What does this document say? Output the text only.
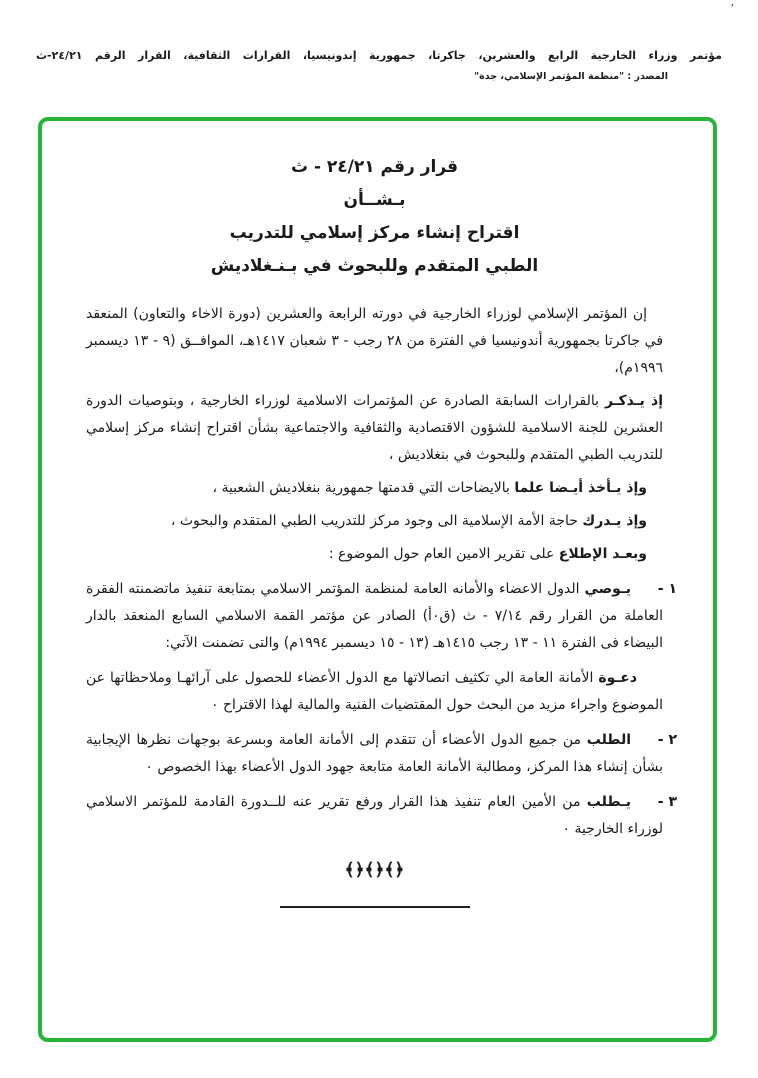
٬
مؤتمر وزراء الخارجية الرابع والعشرين، جاكرتا، جمهورية إندونيسيا، القرارات الثقافية، القرار الرقم ٢٤/٢١-ث
المصدر : "منظمة المؤتمر الإسلامي، جدة"
قرار رقم ٢٤/٢١ - ث
بـشــأن
اقتراح إنشاء مركز إسلامي للتدريب
الطبي المتقدم وللبحوث في بـنـغلاديش

إن المؤتمر الإسلامي لوزراء الخارجية في دورته الرابعة والعشرين (دورة الاخاء والتعاون) المنعقد في جاكرتا بجمهورية أندونيسيا في الفترة من ٢٨ رجب - ٣ شعبان ١٤١٧هـ، الموافــق (٩ - ١٣ ديسمبر ١٩٩٦م)،

إذ يـذكـر بالقرارات السابقة الصادرة عن المؤتمرات الاسلامية لوزراء الخارجية ، وبتوصيات الدورة العشرين للجنة الاسلامية للشؤون الاقتصادية والثقافية والاجتماعية بشأن اقتراح إنشاء مركز إسلامي للتدريب الطبي المتقدم وللبحوث في بنغلاديش ،

وإذ يـأخذ أيـضا علما بالايضاحات التي قدمتها جمهورية بنغلاديش الشعبية ،

وإذ يـدرك حاجة الأمة الإسلامية الى وجود مركز للتدريب الطبي المتقدم والبحوث ،

وبعـد الإطلاع على تقرير الامين العام حول الموضوع :

١ -

يـوصي الدول الاعضاء والأمانه العامة لمنظمة المؤتمر الاسلامي بمتابعة تنفيذ ماتضمنته الفقرة العاملة من القرار رقم ٧/١٤ - ث (ق٠أ) الصادر عن مؤتمر القمة الاسلامي السابع المنعقد بالدار البيضاء فى الفترة ١١ - ١٣ رجب ١٤١٥هـ (١٣ - ١٥ ديسمبر ١٩٩٤م) والتى تضمنت الآتي:

دعـوة الأمانة العامة الي تكثيف اتصالاتها مع الدول الأعضاء للحصول على آرائهـا وملاحظاتها عن الموضوع واجراء مزيد من البحث حول المقتضيات الفنية والمالية لهذا الاقتراح ٠

٢ -

الطلب من جميع الدول الأعضاء أن تتقدم إلى الأمانة العامة وبسرعة بوجهات نظرها الإيجابية بشأن إنشاء هذا المركز، ومطالبة الأمانة العامة متابعة جهود الدول الأعضاء بهذا الخصوص ٠

٣ -

يـطلب من الأمين العام تنفيذ هذا القرار ورفع تقرير عنه للــدورة القادمة للمؤتمر الاسلامي لوزراء الخارجية ٠

﴿﴾﴿﴾﴿﴾
